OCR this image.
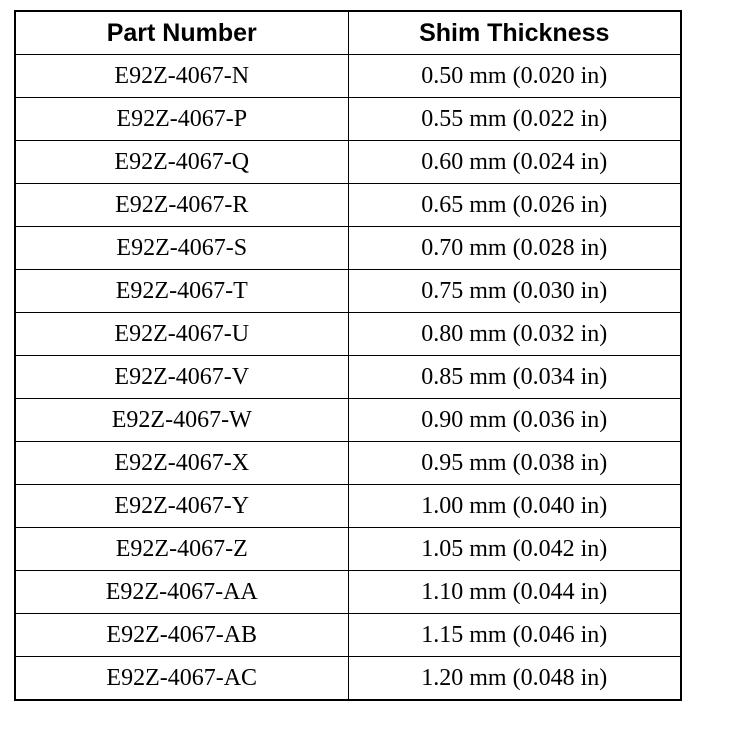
Part Number	Shim Thickness
E92Z-4067-N	0.50 mm (0.020 in)
E92Z-4067-P	0.55 mm (0.022 in)
E92Z-4067-Q	0.60 mm (0.024 in)
E92Z-4067-R	0.65 mm (0.026 in)
E92Z-4067-S	0.70 mm (0.028 in)
E92Z-4067-T	0.75 mm (0.030 in)
E92Z-4067-U	0.80 mm (0.032 in)
E92Z-4067-V	0.85 mm (0.034 in)
E92Z-4067-W	0.90 mm (0.036 in)
E92Z-4067-X	0.95 mm (0.038 in)
E92Z-4067-Y	1.00 mm (0.040 in)
E92Z-4067-Z	1.05 mm (0.042 in)
E92Z-4067-AA	1.10 mm (0.044 in)
E92Z-4067-AB	1.15 mm (0.046 in)
E92Z-4067-AC	1.20 mm (0.048 in)
